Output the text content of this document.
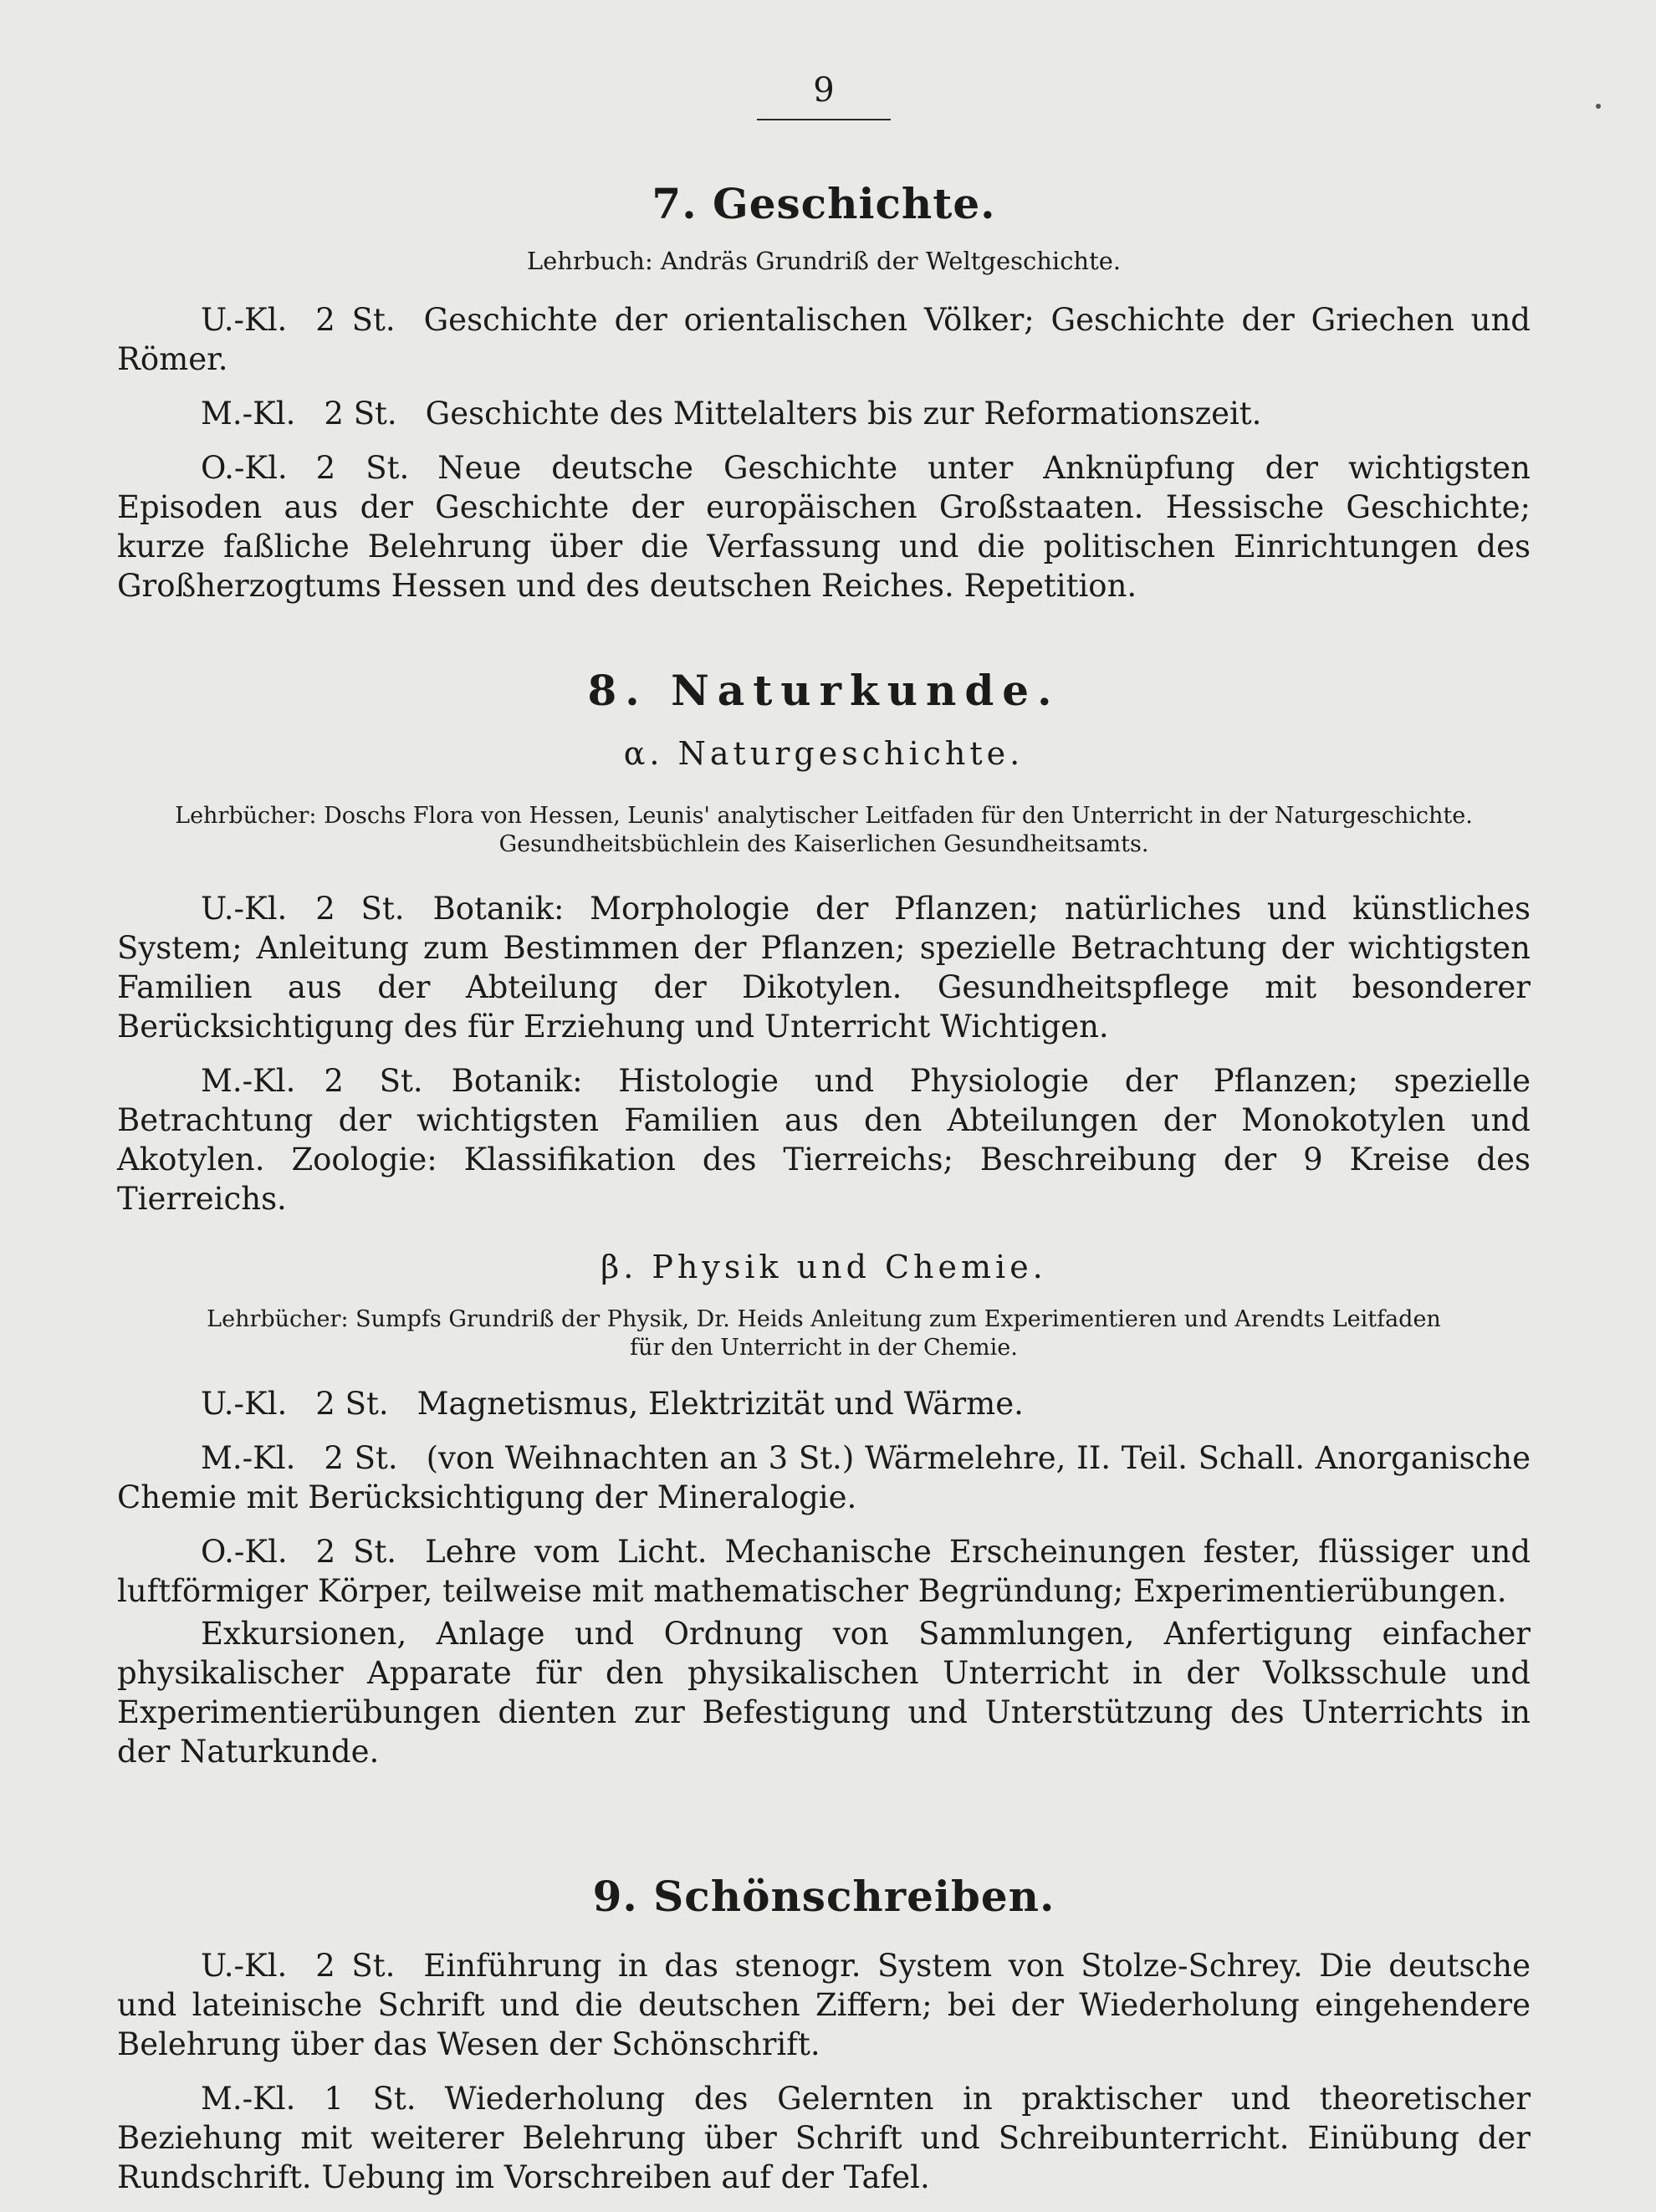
9
7. Geschichte.
Lehrbuch: Andräs Grundriß der Weltgeschichte.

U.-Kl. 2 St. Geschichte der orientalischen Völker; Geschichte der Griechen und Römer.

M.-Kl. 2 St. Geschichte des Mittelalters bis zur Reformationszeit.

O.-Kl. 2 St. Neue deutsche Geschichte unter Anknüpfung der wichtigsten Episoden aus der Geschichte der europäischen Großstaaten. Hessische Geschichte; kurze faßliche Belehrung über die Verfassung und die politischen Einrichtungen des Großherzogtums Hessen und des deutschen Reiches. Repetition.

8. Naturkunde.
α. Naturgeschichte.
Lehrbücher: Doschs Flora von Hessen, Leunis' analytischer Leitfaden für den Unterricht in der Naturgeschichte.
Gesundheitsbüchlein des Kaiserlichen Gesundheitsamts.

U.-Kl. 2 St. Botanik: Morphologie der Pflanzen; natürliches und künstliches System; Anleitung zum Bestimmen der Pflanzen; spezielle Betrachtung der wichtigsten Familien aus der Abteilung der Dikotylen. Gesundheitspflege mit besonderer Berücksichtigung des für Erziehung und Unterricht Wichtigen.

M.-Kl. 2 St. Botanik: Histologie und Physiologie der Pflanzen; spezielle Betrachtung der wichtigsten Familien aus den Abteilungen der Monokotylen und Akotylen. Zoologie: Klassifikation des Tierreichs; Beschreibung der 9 Kreise des Tierreichs.

β. Physik und Chemie.
Lehrbücher: Sumpfs Grundriß der Physik, Dr. Heids Anleitung zum Experimentieren und Arendts Leitfaden
für den Unterricht in der Chemie.

U.-Kl. 2 St. Magnetismus, Elektrizität und Wärme.

M.-Kl. 2 St. (von Weihnachten an 3 St.) Wärmelehre, II. Teil. Schall. Anorganische Chemie mit Berücksichtigung der Mineralogie.

O.-Kl. 2 St. Lehre vom Licht. Mechanische Erscheinungen fester, flüssiger und luftförmiger Körper, teilweise mit mathematischer Begründung; Experimentierübungen.

Exkursionen, Anlage und Ordnung von Sammlungen, Anfertigung einfacher physikalischer Apparate für den physikalischen Unterricht in der Volksschule und Experimentierübungen dienten zur Befestigung und Unterstützung des Unterrichts in der Naturkunde.

9. Schönschreiben.

U.-Kl. 2 St. Einführung in das stenogr. System von Stolze-Schrey. Die deutsche und lateinische Schrift und die deutschen Ziffern; bei der Wiederholung eingehendere Belehrung über das Wesen der Schönschrift.

M.-Kl. 1 St. Wiederholung des Gelernten in praktischer und theoretischer Beziehung mit weiterer Belehrung über Schrift und Schreibunterricht. Einübung der Rundschrift. Uebung im Vorschreiben auf der Tafel.
